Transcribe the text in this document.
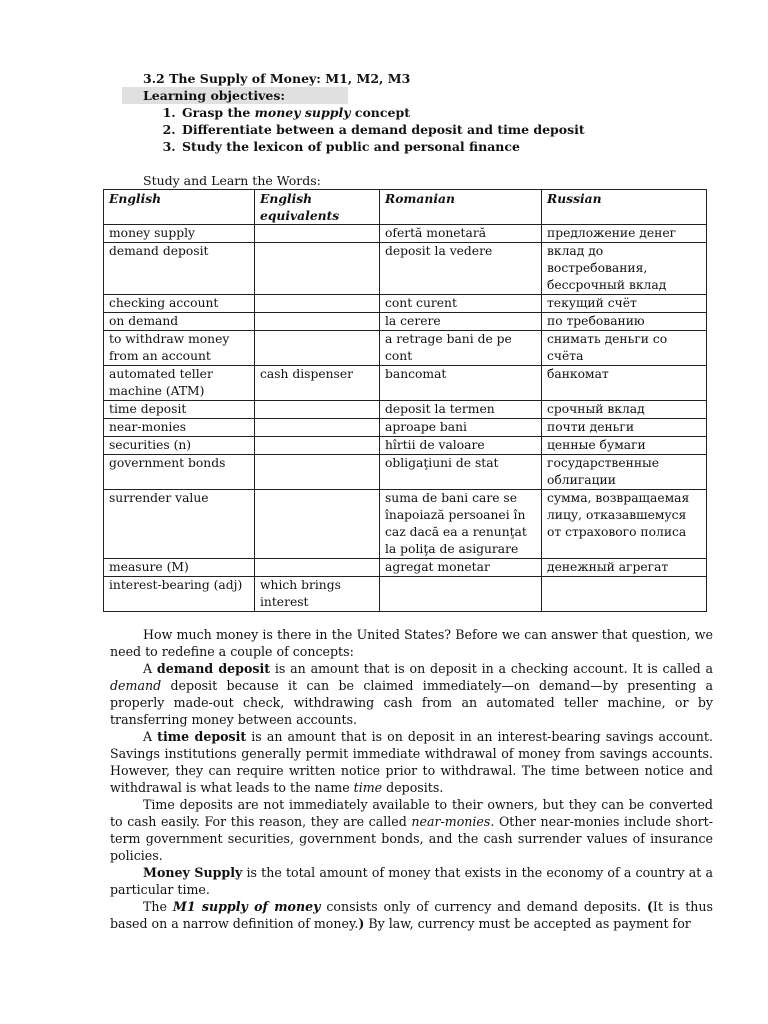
3.2 The Supply of Money: M1, M2, M3
Learning objectives:
1. Grasp the money supply concept
2. Differentiate between a demand deposit and time deposit
3. Study the lexicon of public and personal finance
Study and Learn the Words:
English	English equivalents	Romanian	Russian
money supply		ofertă monetară	предложение денег
demand deposit		deposit la vedere	вклад до востребования, бессрочный вклад
checking account		cont curent	текущий счёт
on demand		la cerere	по требованию
to withdraw money from an account		a retrage bani de pe cont	снимать деньги со счёта
automated teller machine (ATM)	cash dispenser	bancomat	банкомат
time deposit		deposit la termen	срочный вклад
near-monies		aproape bani	почти деньги
securities (n)		hîrtii de valoare	ценные бумаги
government bonds		obligaţiuni de stat	государственные облигации
surrender value		suma de bani care se înapoiază persoanei în caz dacă ea a renunţat la poliţa de asigurare	сумма, возвращаемая лицу, отказавшемуся от страхового полиса
measure (M)		agregat monetar	денежный агрегат
interest-bearing (adj)	which brings interest		

How much money is there in the United States? Before we can answer that question, we need to redefine a couple of concepts:

A demand deposit is an amount that is on deposit in a checking account. It is called a demand deposit because it can be claimed immediately—on demand—by presenting a properly made-out check, withdrawing cash from an automated teller machine, or by transferring money between accounts.

A time deposit is an amount that is on deposit in an interest-bearing savings account. Savings institutions generally permit immediate withdrawal of money from savings accounts. However, they can require written notice prior to withdrawal. The time between notice and withdrawal is what leads to the name time deposits.

Time deposits are not immediately available to their owners, but they can be converted to cash easily. For this reason, they are called near-monies. Other near-monies include short-term government securities, government bonds, and the cash surrender values of insurance policies.

Money Supply is the total amount of money that exists in the economy of a country at a particular time.

The M1 supply of money consists only of currency and demand deposits. (It is thus based on a narrow definition of money.) By law, currency must be accepted as payment for
